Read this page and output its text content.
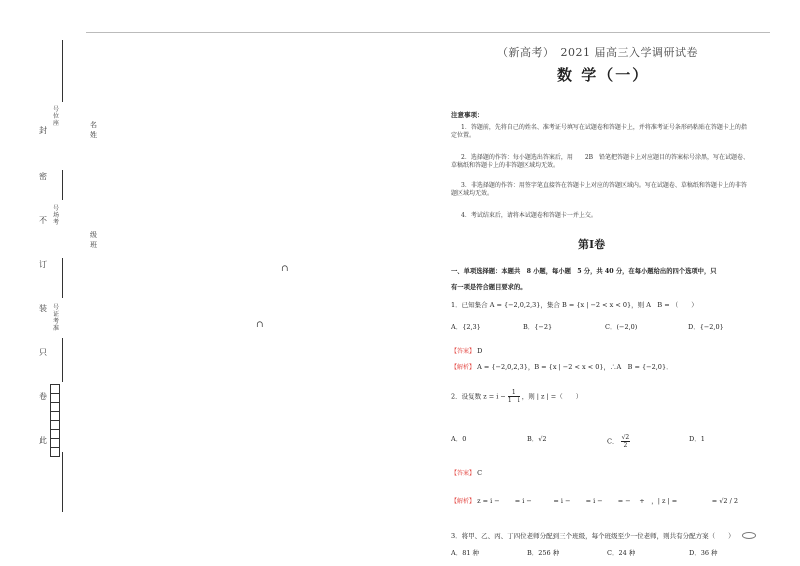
封
密
不
订
装
只
卷
此
号位座
号场考
号证考准
名姓
级班
∩
∩
（新高考）　2021 届高三入学调研试卷
数 学（一）
注意事项：
1．答题前，先将自己的姓名、准考证号填写在试题卷和答题卡上，并将准考证号条形码粘贴在答题卡上的指定位置。
2．选择题的作答：每小题选出答案后，用　　2B　铅笔把答题卡上对应题目的答案标号涂黑，写在试题卷、草稿纸和答题卡上的非答题区域均无效。
3．非选择题的作答：用签字笔直接答在答题卡上对应的答题区域内。写在试题卷、草稿纸和答题卡上的非答题区域均无效。
4．考试结束后，请将本试题卷和答题卡一并上交。
第Ⅰ卷
一、单项选择题：本题共　8 小题，每小题　5 分，共 40 分，在每小题给出的四个选项中，只
有一项是符合题目要求的。
1．已知集合 A = {−2,0,2,3}，集合 B = {x | −2 < x < 0}，则 A　B = （　　）
A．{2,3}	B．{−2}	C．(−2,0)	D．{−2,0}
【答案】 D
【解析】 A = {−2,0,2,3}，B = {x | −2 < x < 0}，∴A　B = {−2,0}．
2．设复数 $z = i - \frac{1}{1 i}$ ，则 | z | =（　　）
A．0	B．√2	C． $\frac{√2}{2}$	D．1
【答案】 C
【解析】 z = i −　　 = i −　　　 = i −　　 = i −　　 = −　 +　，| z | =　　　　　 = √2 / 2
3．将甲、乙、丙、丁四位老师分配到三个班级，每个班级至少一位老师，则共有分配方案（　　）
A．81 种	B．256 种	C．24 种	D．36 种
